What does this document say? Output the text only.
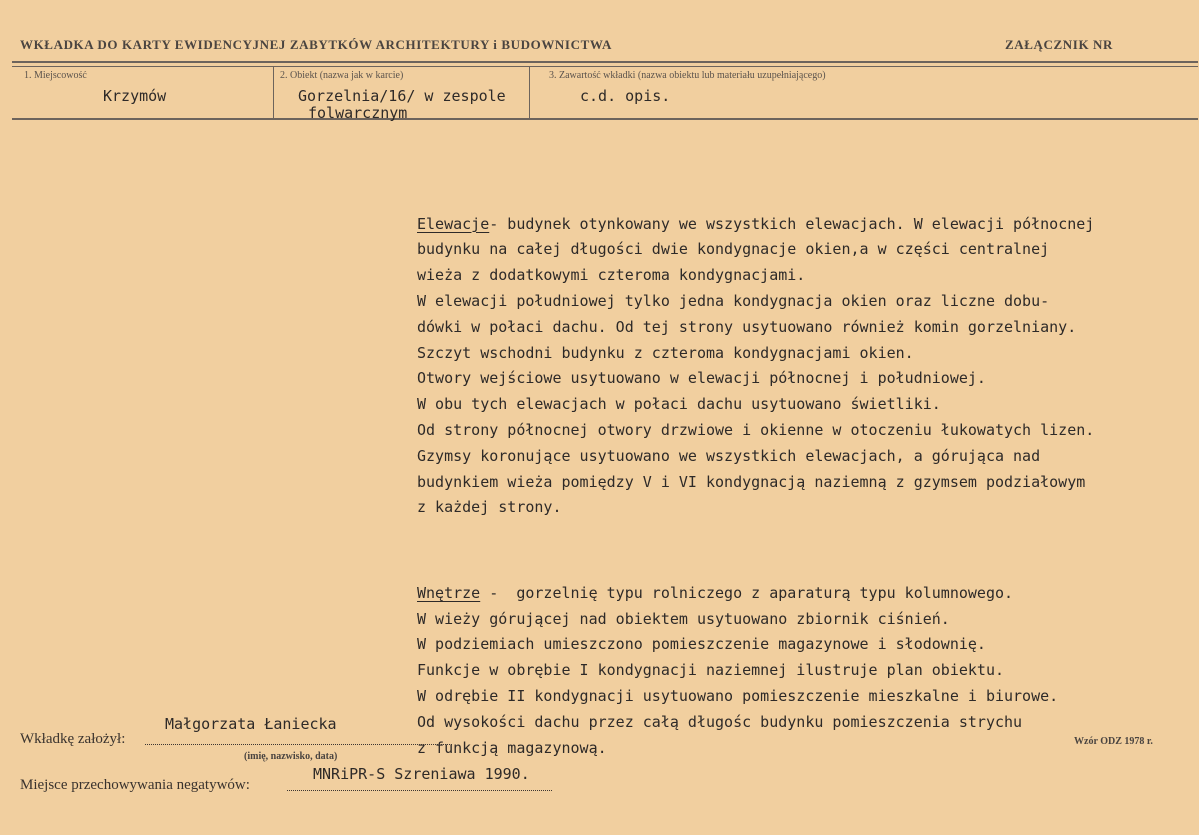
WKŁADKA DO KARTY EWIDENCYJNEJ ZABYTKÓW ARCHITEKTURY i BUDOWNICTWA	ZAŁĄCZNIK NR
1. Miejscowość
Krzymów
2. Obiekt (nazwa jak w karcie)
Gorzelnia/16/ w zespole
folwarcznym
3. Zawartość wkładki (nazwa obiektu lub materiału uzupełniającego)
c.d. opis.

Elewacje- budynek otynkowany we wszystkich elewacjach. W elewacji północnej
budynku na całej długości dwie kondygnacje okien,a w części centralnej
wieża z dodatkowymi czteroma kondygnacjami.
W elewacji południowej tylko jedna kondygnacja okien oraz liczne dobu-
dówki w połaci dachu. Od tej strony usytuowano również komin gorzelniany.
Szczyt wschodni budynku z czteroma kondygnacjami okien.
Otwory wejściowe usytuowano w elewacji północnej i południowej.
W obu tych elewacjach w połaci dachu usytuowano świetliki.
Od strony północnej otwory drzwiowe i okienne w otoczeniu łukowatych lizen.
Gzymsy koronujące usytuowano we wszystkich elewacjach, a górująca nad
budynkiem wieża pomiędzy V i VI kondygnacją naziemną z gzymsem podziałowym
z każdej strony.

Wnętrze -  gorzelnię typu rolniczego z aparaturą typu kolumnowego.
W wieży górującej nad obiektem usytuowano zbiornik ciśnień.
W podziemiach umieszczono pomieszczenie magazynowe i słodownię.
Funkcje w obrębie I kondygnacji naziemnej ilustruje plan obiektu.
W odrębie II kondygnacji usytuowano pomieszczenie mieszkalne i biurowe.
Od wysokości dachu przez całą długośc budynku pomieszczenia strychu
z funkcją magazynową.

Małgorzata Łaniecka
Wkładkę założył:
(imię, nazwisko, data)
MNRiPR-S Szreniawa 1990.
Miejsce przechowywania negatywów:
Wzór ODZ 1978 r.
